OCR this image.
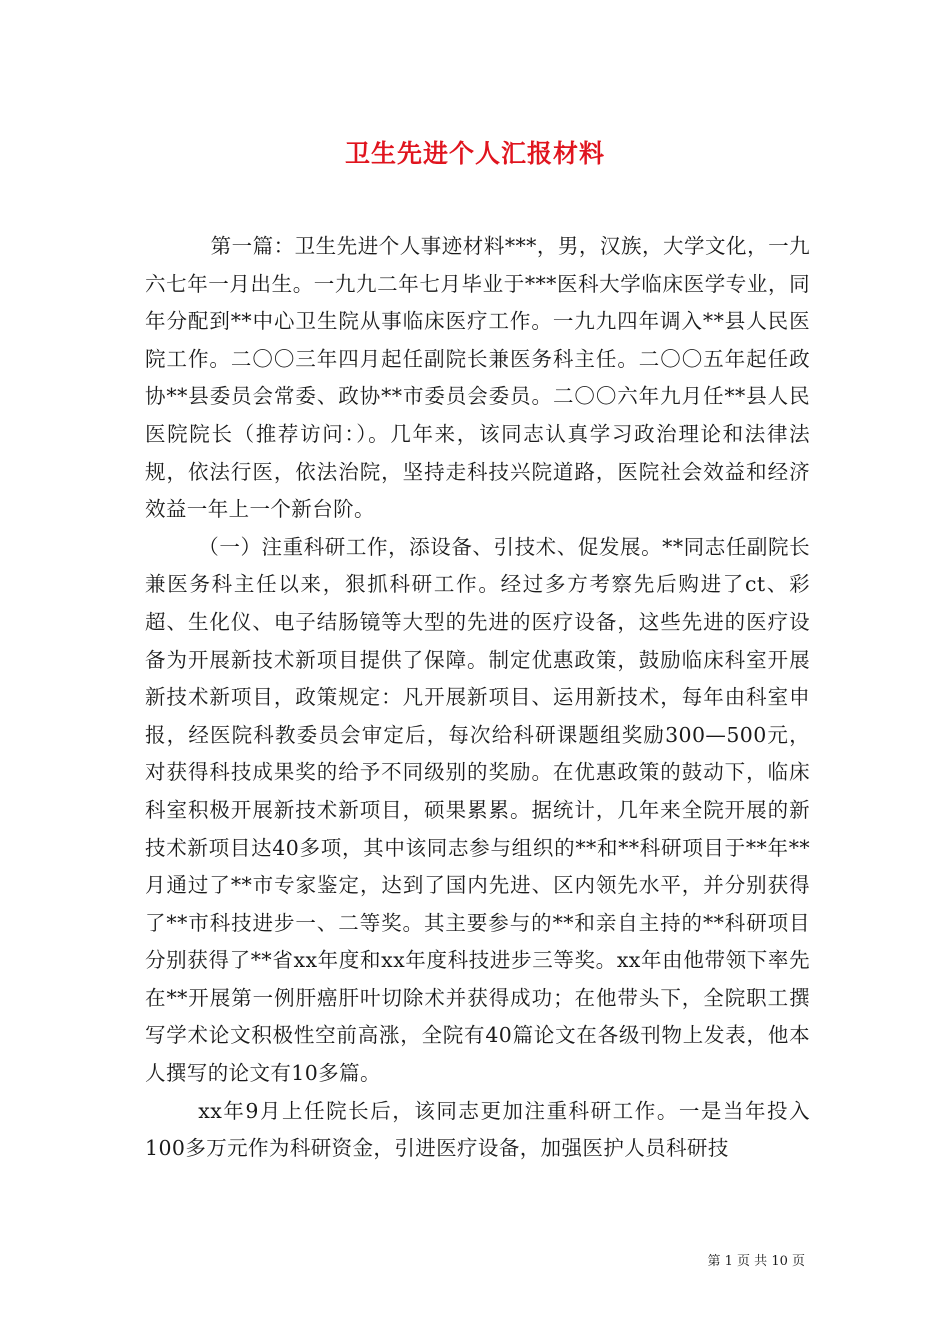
卫生先进个人汇报材料

第一篇：卫生先进个人事迹材料***，男，汉族，大学文化，一九六七年一月出生。一九九二年七月毕业于***医科大学临床医学专业，同年分配到**中心卫生院从事临床医疗工作。一九九四年调入**县人民医院工作。二〇〇三年四月起任副院长兼医务科主任。二〇〇五年起任政协**县委员会常委、政协**市委员会委员。二〇〇六年九月任**县人民医院院长（推荐访问：）。几年来，该同志认真学习政治理论和法律法规，依法行医，依法治院，坚持走科技兴院道路，医院社会效益和经济效益一年上一个新台阶。

（一）注重科研工作，添设备、引技术、促发展。**同志任副院长兼医务科主任以来，狠抓科研工作。经过多方考察先后购进了ct、彩超、生化仪、电子结肠镜等大型的先进的医疗设备，这些先进的医疗设备为开展新技术新项目提供了保障。制定优惠政策，鼓励临床科室开展新技术新项目，政策规定：凡开展新项目、运用新技术，每年由科室申报，经医院科教委员会审定后，每次给科研课题组奖励300—500元，对获得科技成果奖的给予不同级别的奖励。在优惠政策的鼓动下，临床科室积极开展新技术新项目，硕果累累。据统计，几年来全院开展的新技术新项目达40多项，其中该同志参与组织的**和**科研项目于**年**月通过了**市专家鉴定，达到了国内先进、区内领先水平，并分别获得了**市科技进步一、二等奖。其主要参与的**和亲自主持的**科研项目分别获得了**省xx年度和xx年度科技进步三等奖。xx年由他带领下率先在**开展第一例肝癌肝叶切除术并获得成功；在他带头下，全院职工撰写学术论文积极性空前高涨，全院有40篇论文在各级刊物上发表，他本人撰写的论文有10多篇。

xx年9月上任院长后，该同志更加注重科研工作。一是当年投入100多万元作为科研资金，引进医疗设备，加强医护人员科研技

第 1 页 共 10 页
